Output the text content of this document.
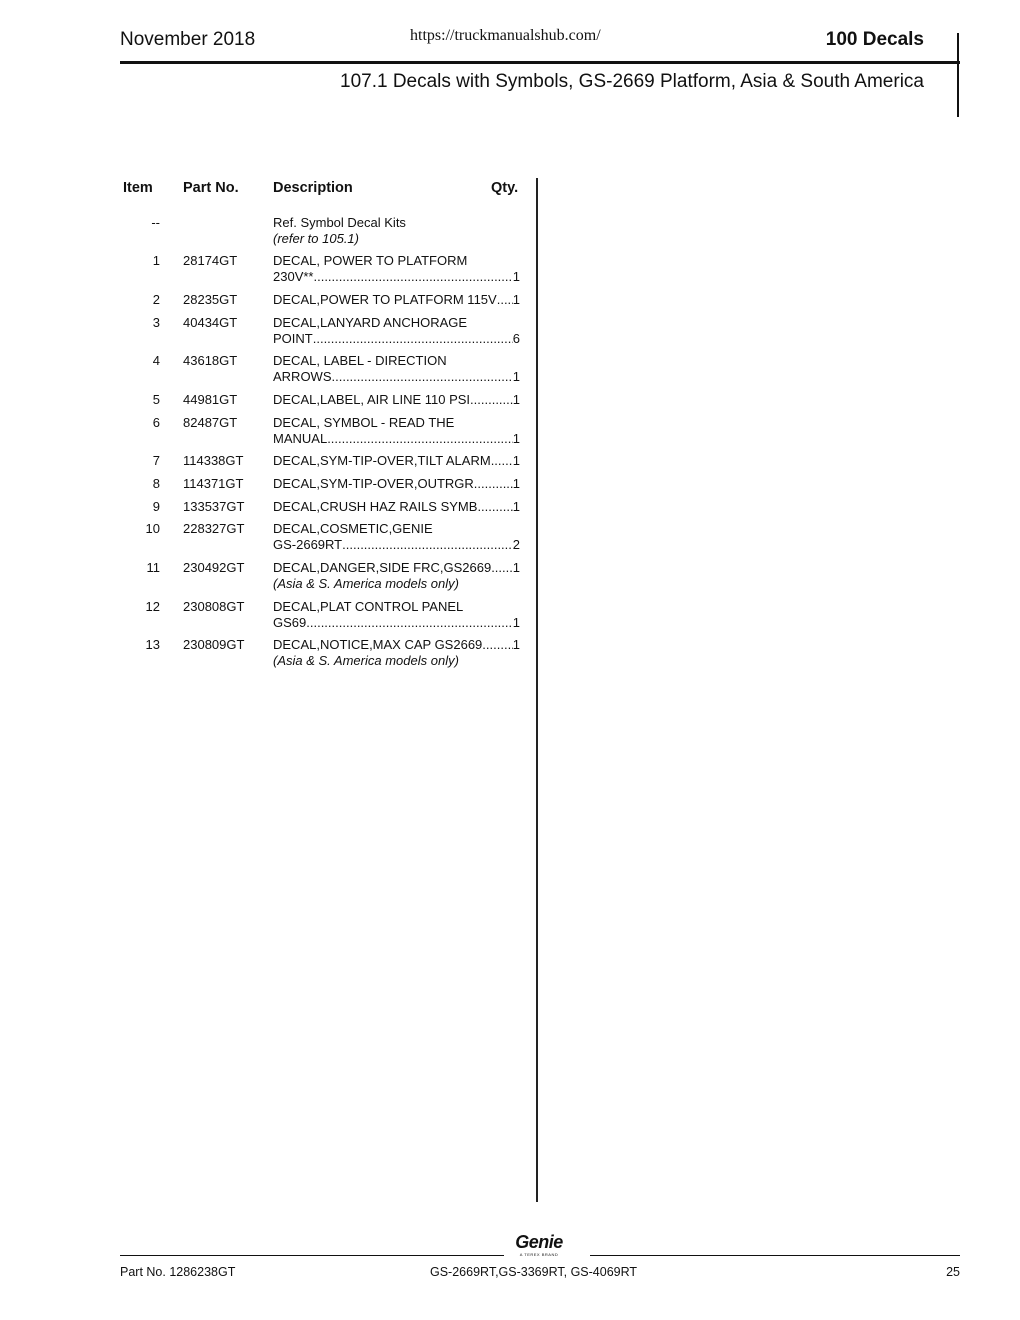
November 2018	https://truckmanualshub.com/	100 Decals
107.1 Decals with Symbols, GS-2669 Platform, Asia & South America
Item Part No. Description	Qty.
--	Ref. Symbol Decal Kits
(refer to 105.1)
1 28174GT	DECAL, POWER TO PLATFORM
230V** .....	1
2 28235GT	DECAL,POWER TO PLATFORM 115V ..... 1
3 40434GT	DECAL,LANYARD ANCHORAGE
POINT .....	6
4 43618GT	DECAL, LABEL - DIRECTION
ARROWS .....	1
5 44981GT	DECAL,LABEL, AIR LINE 110 PSI .....	1
6 82487GT	DECAL, SYMBOL - READ THE
MANUAL .....	1
7 114338GT DECAL,SYM-TIP-OVER,TILT ALARM ..... 1
8 114371GT DECAL,SYM-TIP-OVER,OUTRGR .....	1
9 133537GT DECAL,CRUSH HAZ RAILS SYMB .....	1
10 228327GT DECAL,COSMETIC,GENIE
GS-2669RT .....	2
11 230492GT DECAL,DANGER,SIDE FRC,GS2669 ..... 1
(Asia & S. America models only)
12 230808GT DECAL,PLAT CONTROL PANEL
GS69 .....	1
13 230809GT DECAL,NOTICE,MAX CAP GS2669 ..... 1
(Asia & S. America models only)
Genie
A TEREX BRAND
Part No. 1286238GT	GS-2669RT,GS-3369RT, GS-4069RT	25
